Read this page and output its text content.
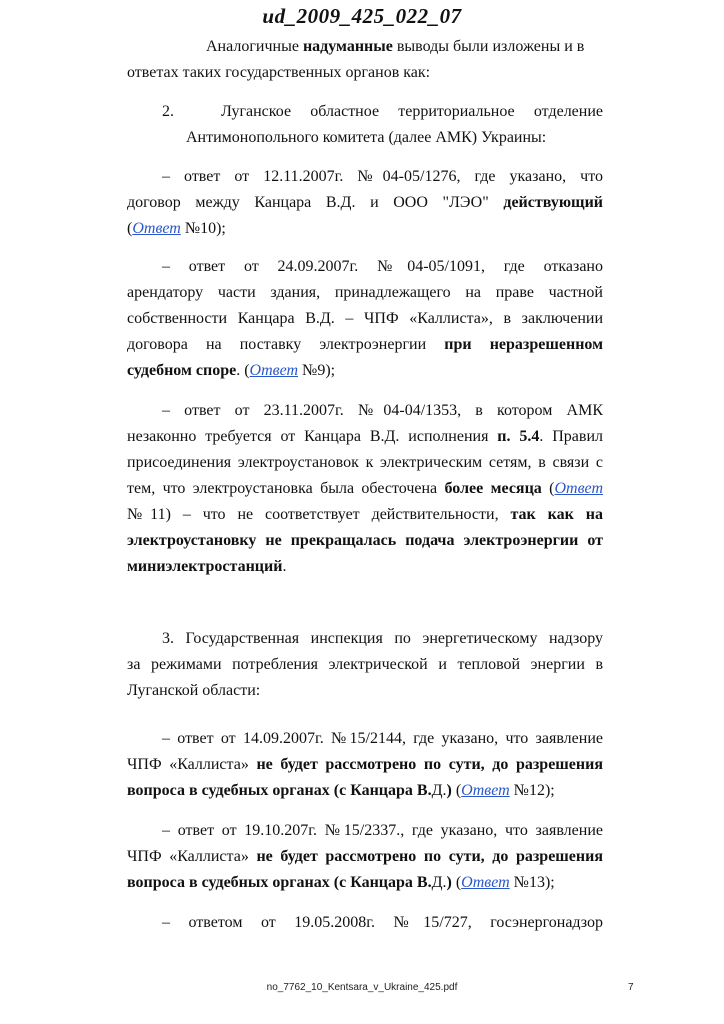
ud_2009_425_022_07
Аналогичные надуманные выводы были изложены и в
ответах таких государственных органов как:
2.	Луганское областное территориальное отделение
Антимонопольного комитета (далее АМК) Украины:
– ответ от 12.11.2007г. №04-05/1276, где указано, что
договор между Канцара В.Д. и ООО "ЛЭО" действующий
(Ответ №10);
– ответ от 24.09.2007г. №04-05/1091, где отказано
арендатору части здания, принадлежащего на праве частной
собственности Канцара В.Д. – ЧПФ «Каллиста», в заключении
договора на поставку электроэнергии при неразрешенном
судебном споре. (Ответ №9);
– ответ от 23.11.2007г. №04-04/1353, в котором АМК
незаконно требуется от Канцара В.Д. исполнения п. 5.4. Правил
присоединения электроустановок к электрическим сетям, в связи с
тем, что электроустановка была обесточена более месяца (Ответ
№11) – что не соответствует действительности, так как на
электроустановку не прекращалась подача электроэнергии от
миниэлектростанций.
3. Государственная инспекция по энергетическому надзору
за режимами потребления электрической и тепловой энергии в
Луганской области:
– ответ от 14.09.2007г. №15/2144, где указано, что заявление
ЧПФ «Каллиста» не будет рассмотрено по сути, до разрешения
вопроса в судебных органах (с Канцара В.Д.) (Ответ №12);
– ответ от 19.10.207г. №15/2337., где указано, что заявление
ЧПФ «Каллиста» не будет рассмотрено по сути, до разрешения
вопроса в судебных органах (с Канцара В.Д.) (Ответ №13);
– ответом от 19.05.2008г. №15/727, госэнергонадзор
no_7762_10_Kentsara_v_Ukraine_425.pdf	7
